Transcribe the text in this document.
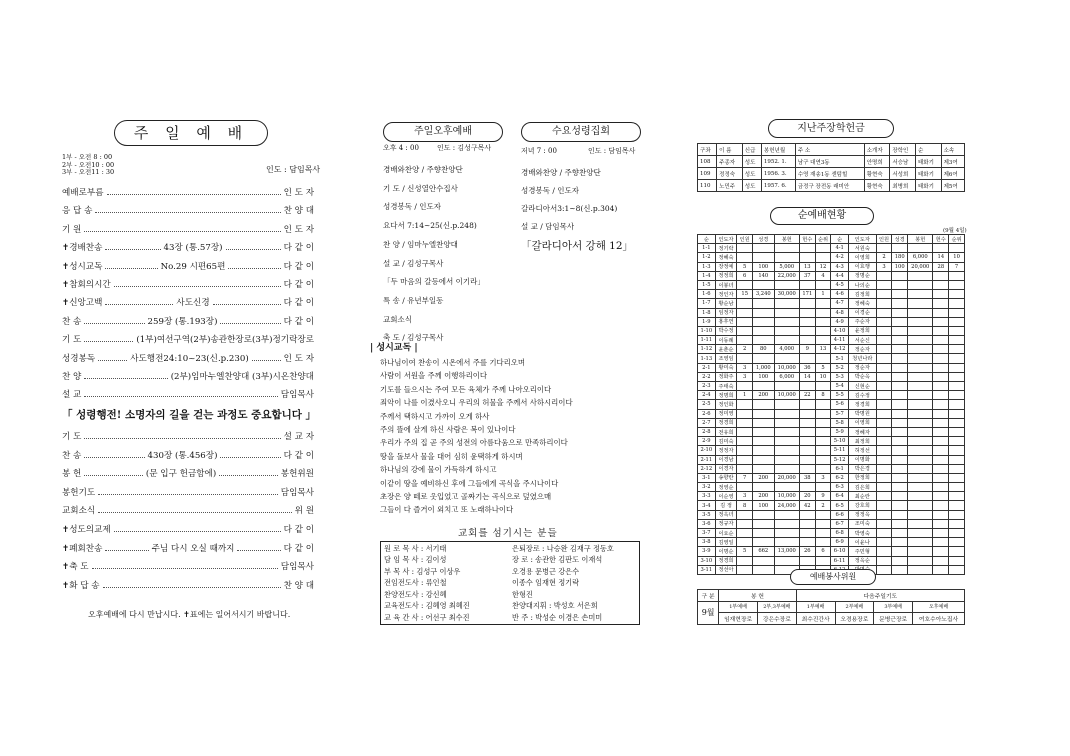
주 일 예 배
1부 - 오전 8 : 00
2부 - 오전10 : 00
3부 - 오전11 : 30	인도 : 담임목사
예배로부름	인 도 자
응 답 송	찬 양 대
기 원	인 도 자
✝경배찬송	43장 (통.57장)	다 같 이
✝성시교독	No.29 시편65편	다 같 이
✝참회의시간	다 같 이
✝신앙고백	사도신경	다 같 이
찬 송	259장 (통.193장)	다 같 이
기 도	(1부)여선구역(2부)송관한장로(3부)정기락장로
성경봉독	사도행전24:10~23(신.p.230)	인 도 자
찬 양	(2부)임마누엘찬양대 (3부)시온찬양대
설 교	담임목사
「 성령행전! 소명자의 길을 걷는 과정도 중요합니다 」
기 도	설 교 자
찬 송	430장 (통.456장)	다 같 이
봉 헌	(문 입구 헌금함에)	봉헌위원
봉헌기도	담임목사
교회소식	위 원
✝성도의교제	다 같 이
✝폐회찬송	주님 다시 오실 때까지	다 같 이
✝축 도	담임목사
✝화 답 송	찬 양 대
오후예배에 다시 만납시다. ✝표에는 일어서시기 바랍니다.
주일오후예배
오후 4 : 00	인도 : 김성구목사
경배와찬양 / 주향찬양단
기 도 / 신성열안수집사
성경봉독 / 인도자
요다서 7:14~25(신.p.248)
찬 양 / 임마누엘찬양대
설 교 / 김성구목사
「두 마음의 갈등에서 이기라」
특 송 / 유년부일동
교회소식
축 도 / 김성구목사
수요성령집회
저녁 7 : 00	인도 : 담임목사
경배와찬양 / 주향찬양단
성경봉독 / 인도자
갈라디아서3:1~8(신.p.304)
설 교 / 담임목사
「갈라디아서 강해 12」
| 성시교독 |
하나님이여 찬송이 시온에서 주를 기다리오며
사람이 서원을 주께 이행하리이다
기도를 들으시는 주여 모든 육체가 주께 나아오리이다
죄악이 나를 이겼사오니 우리의 허물을 주께서 사하시리이다
주께서 택하시고 가까이 오게 하사
주의 뜰에 살게 하신 사람은 복이 있나이다
우리가 주의 집 곧 주의 성전의 아름다움으로 만족하리이다
땅을 돌보사 물을 대어 심히 윤택하게 하시며
하나님의 강에 물이 가득하게 하시고
이같이 땅을 예비하신 후에 그들에게 곡식을 주시나이다
초장은 양 떼로 옷입었고 골짜기는 곡식으로 덮였으매
그들이 다 즐거이 외치고 또 노래하나이다
교회를 섬기시는 분들
원 로 목 사 : 서기태
담 임 목 사 : 김이성
부 목 사 : 김성구 이상우
전임전도사 : 류인철
찬양전도사 : 강신혜
교육전도사 : 김혜영 최혜진
교 육 간 사 : 어선구 최수진
은퇴장로 : 나승완 김재구 정동호
장 로 : 송관한 김판도 이재석
오경용 문병근 강은수
이종수 임재현 정기락
한형진
찬양대지휘 : 박성호 서은희
반 주 : 박성순 이경은 손미미
지난주장학헌금
구좌	이 름	신급	봉헌년월	주 소	소개자	장학인	순	소속
108	주종자	성도	1952. 1.	남구 대연3동	안명희	서승남	태화기	제3여
109	정정숙	성도	1956. 3.	수영 재송1동 센텀힐	황현숙	서성희	태화기	제6여
110	노민주	성도	1957. 6.	금정구 장전동 래미안	황현숙	최병희	태화기	제5여
순예배현황
(9월 4일)
순	인도자	인원	성경	봉헌	헌수	순위	순	인도자	인원	성경	봉헌	헌수	순위
1-1	정기락						4-1	서원숙					
1-2	정혜숙						4-2	이영희	2	180	6,000	14	10
1-3	장정예	5	100	5,000	13	12	4-3	이효행	3	100	20,000	28	7
1-4	정정희	6	140	22,000	37	4	4-4	정명순					
1-5	이봉녀						4-5	나의순					
1-6	정인자	15	3,240	30,000	171	1	4-6	김정희					
1-7	황순남						4-7	정혜숙					
1-8	임정자						4-8	이경순					
1-9	홍후연						4-9	주순자					
1-10	박수정						4-10	윤정희					
1-11	이동례						4-11	서순신					
1-12	윤춘순	2	80	4,000	9	13	4-12	정순자					
1-13	조영임						5-1	청년나라					
2-1	황미숙	3	1,000	10,000	36	5	5-2	정순자					
2-2	정화주	3	100	6,000	14	10	5-3	박순옥					
2-3	주태숙						5-4	신현순					
2-4	정명희	1	200	10,000	22	8	5-5	김수정					
2-5	정인화						5-6	정경희					
2-6	정미영						5-7	박명원					
2-7	정경희						5-8	이영희					
2-8	전유희						5-9	정혜자					
2-9	김미숙						5-10	최정희					
2-10	정정자						5-11	허정선					
2-11	이경남						5-12	이명화					
2-12	이경자						6-1	박은경					
3-1	송향란	7	200	20,000	38	3	6-2	한정희					
3-2	정영순						6-3	김은희					
3-3	이순영	3	200	10,000	20	9	6-4	최순란					
3-4	김 정	8	100	24,000	42	2	6-5	강호희					
3-5	정옥녀						6-6	정정옥					
3-6	정규자						6-7	조미숙					
3-7	이요순						6-8	박영숙					
3-8	김영일						6-9	이윤나					
3-9	이명순	5	662	13,000	26	6	6-10	주민형					
3-10	정경희						6-11	정옥순					
3-11	정선아												
예배봉사위원
구 분	봉 헌		다음주일기도			
9월	1부예배	2부,3부예배	1부예배	2부예배	3부예배	오후예배
	임재현장로	강은수장로	최수진간사	오경용장로	문병근장로	여호수아노집사
